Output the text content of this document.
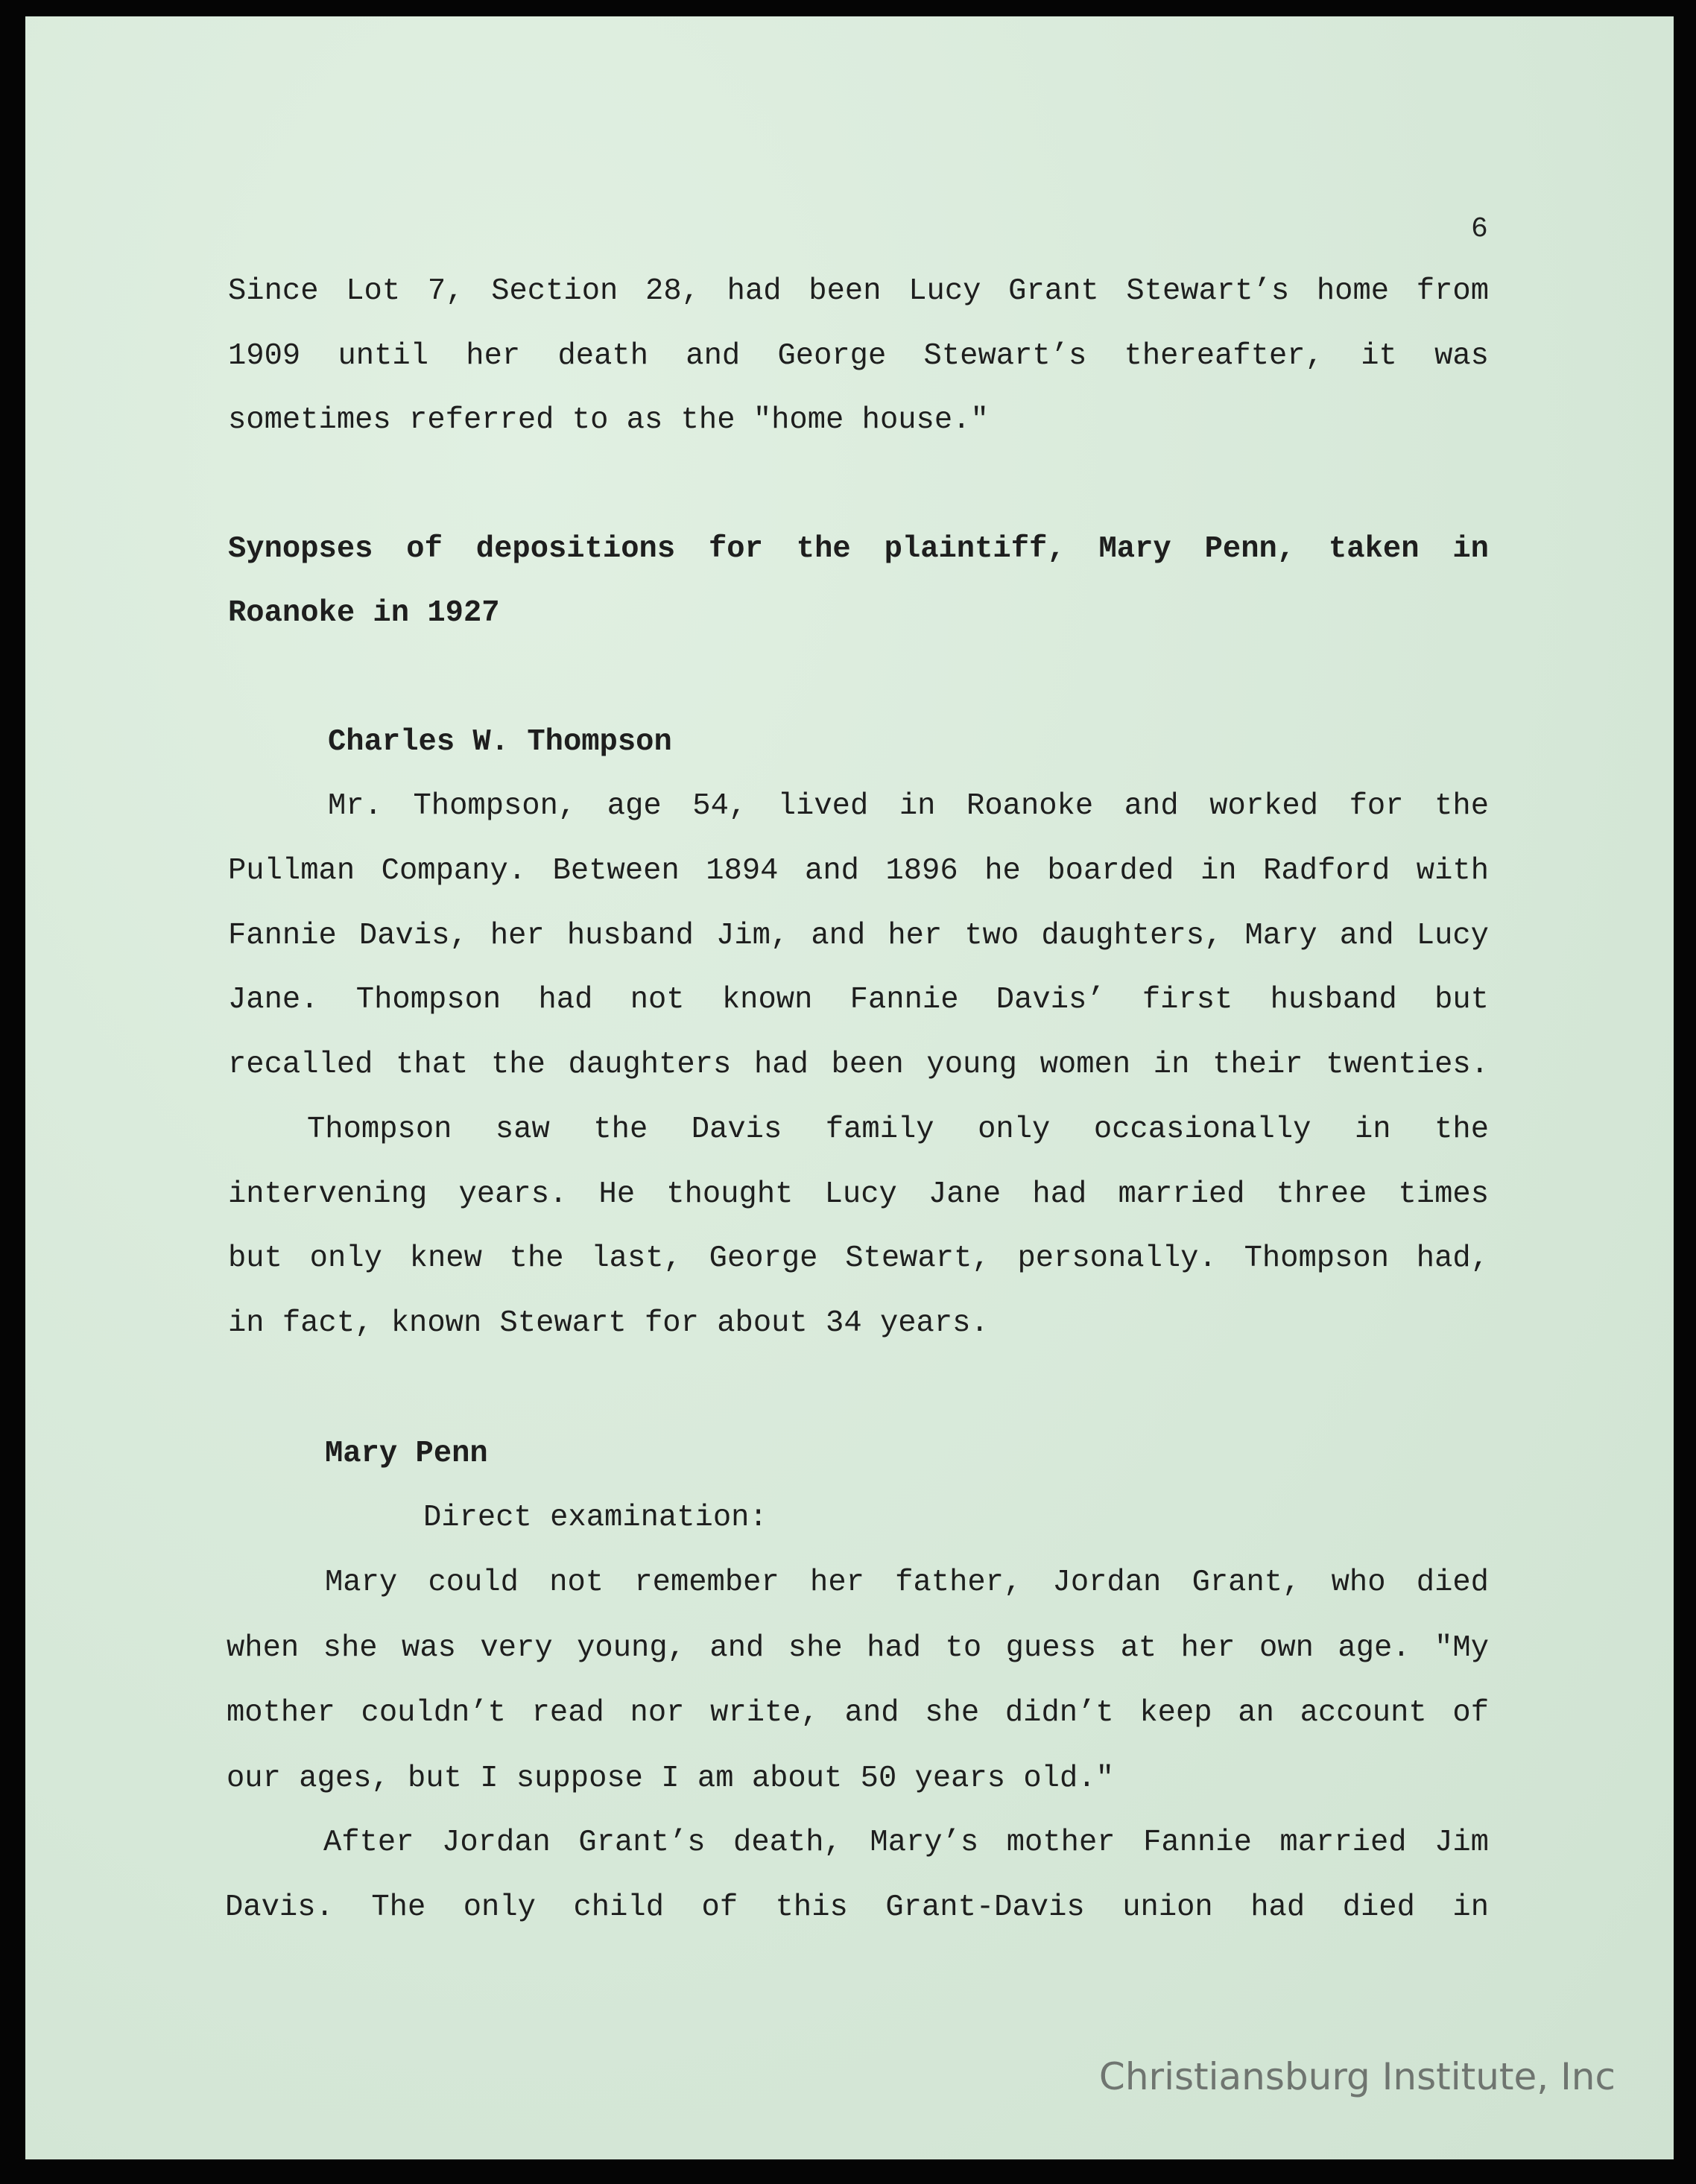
6
Since Lot 7, Section 28, had been Lucy Grant Stewart’s home from
1909 until her death and George Stewart’s thereafter, it was
sometimes referred to as the "home house."
Synopses of depositions for the plaintiff, Mary Penn, taken in
Roanoke in 1927
Charles W. Thompson
Mr. Thompson, age 54, lived in Roanoke and worked for the
Pullman Company. Between 1894 and 1896 he boarded in Radford with
Fannie Davis, her husband Jim, and her two daughters, Mary and Lucy
Jane. Thompson had not known Fannie Davis’ first husband but
recalled that the daughters had been young women in their twenties.
Thompson saw the Davis family only occasionally in the
intervening years. He thought Lucy Jane had married three times
but only knew the last, George Stewart, personally. Thompson had,
in fact, known Stewart for about 34 years.
Mary Penn
Direct examination:
Mary could not remember her father, Jordan Grant, who died
when she was very young, and she had to guess at her own age. "My
mother couldn’t read nor write, and she didn’t keep an account of
our ages, but I suppose I am about 50 years old."
After Jordan Grant’s death, Mary’s mother Fannie married Jim
Davis. The only child of this Grant-Davis union had died in
Christiansburg Institute, Inc
